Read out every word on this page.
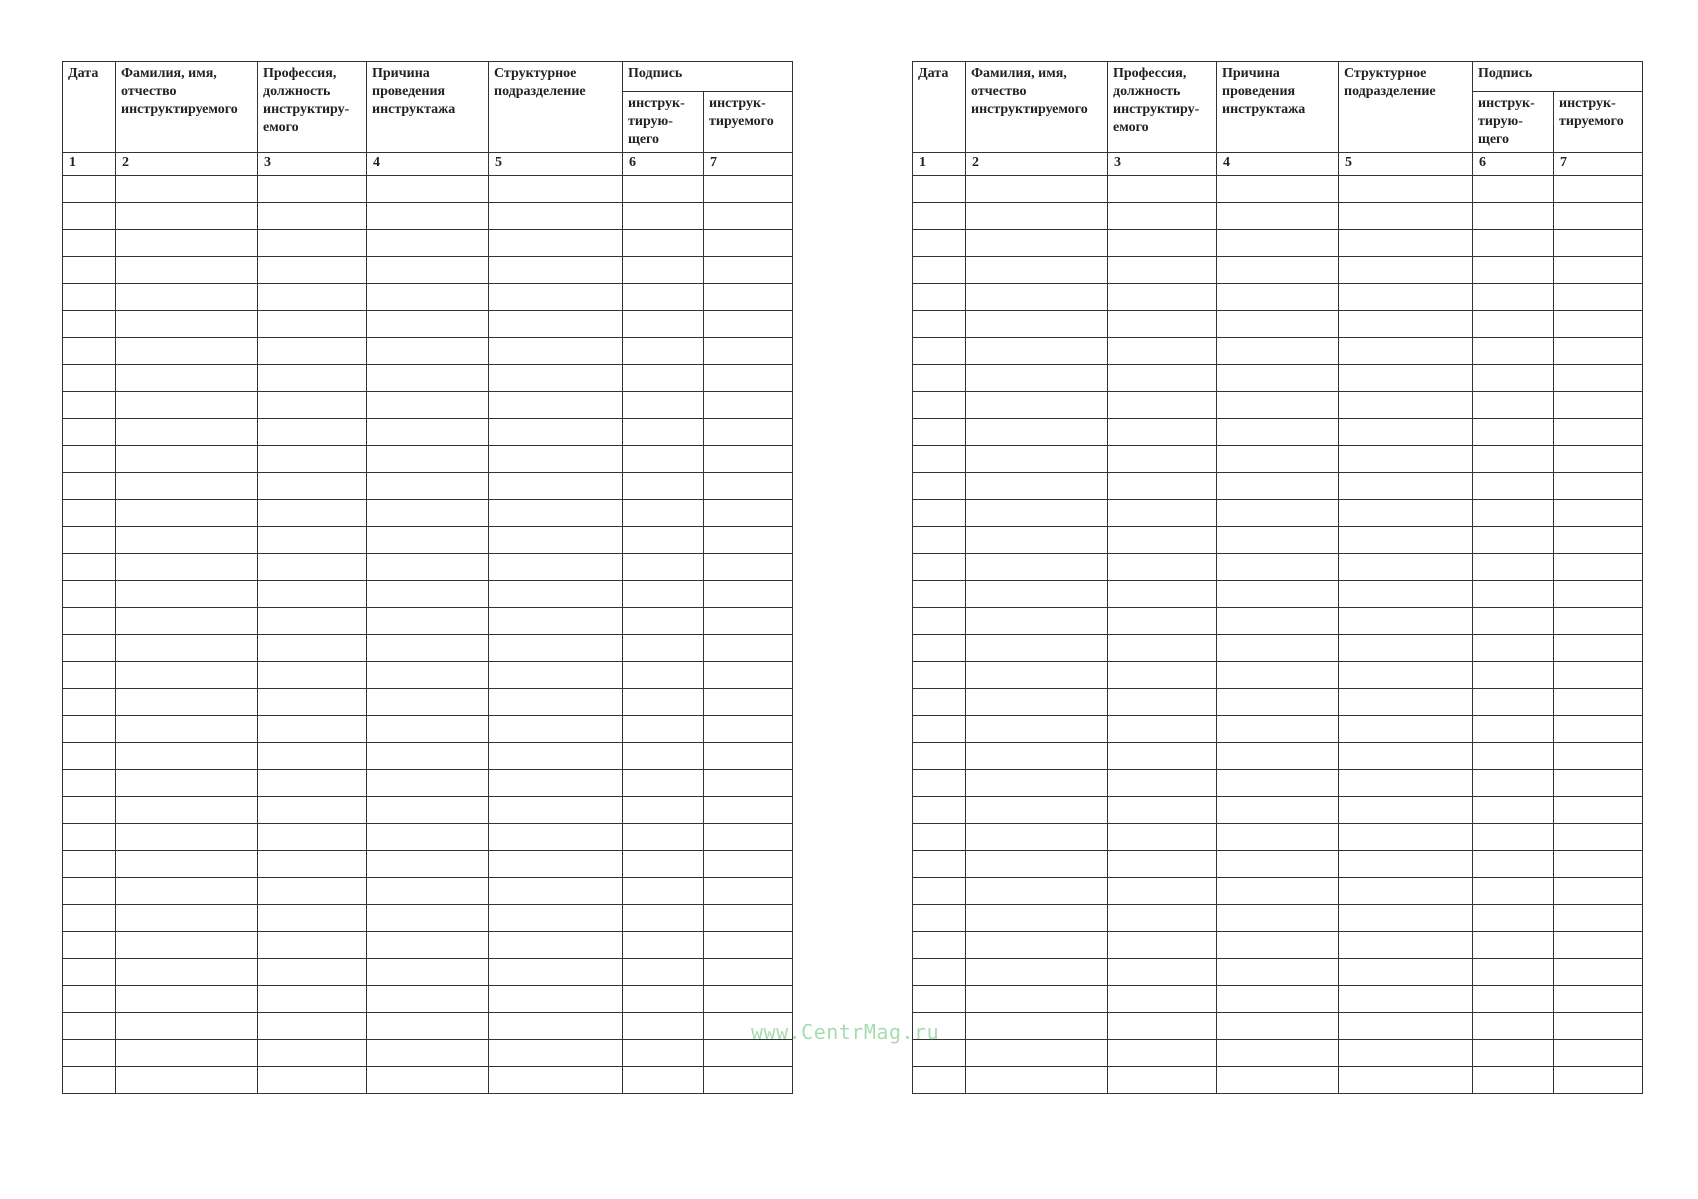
Дата	Фамилия, имя, отчество инструктируемого	Профессия, должность инструктиру-емого	Причина проведения инструктажа	Структурное подразделение	Подпись	
					инструк-тирую-щего	инструк-тируемого
1	2	3	4	5	6	7

Дата	Фамилия, имя, отчество инструктируемого	Профессия, должность инструктиру-емого	Причина проведения инструктажа	Структурное подразделение	Подпись	
					инструк-тирую-щего	инструк-тируемого
1	2	3	4	5	6	7

www.CentrMag.ru
